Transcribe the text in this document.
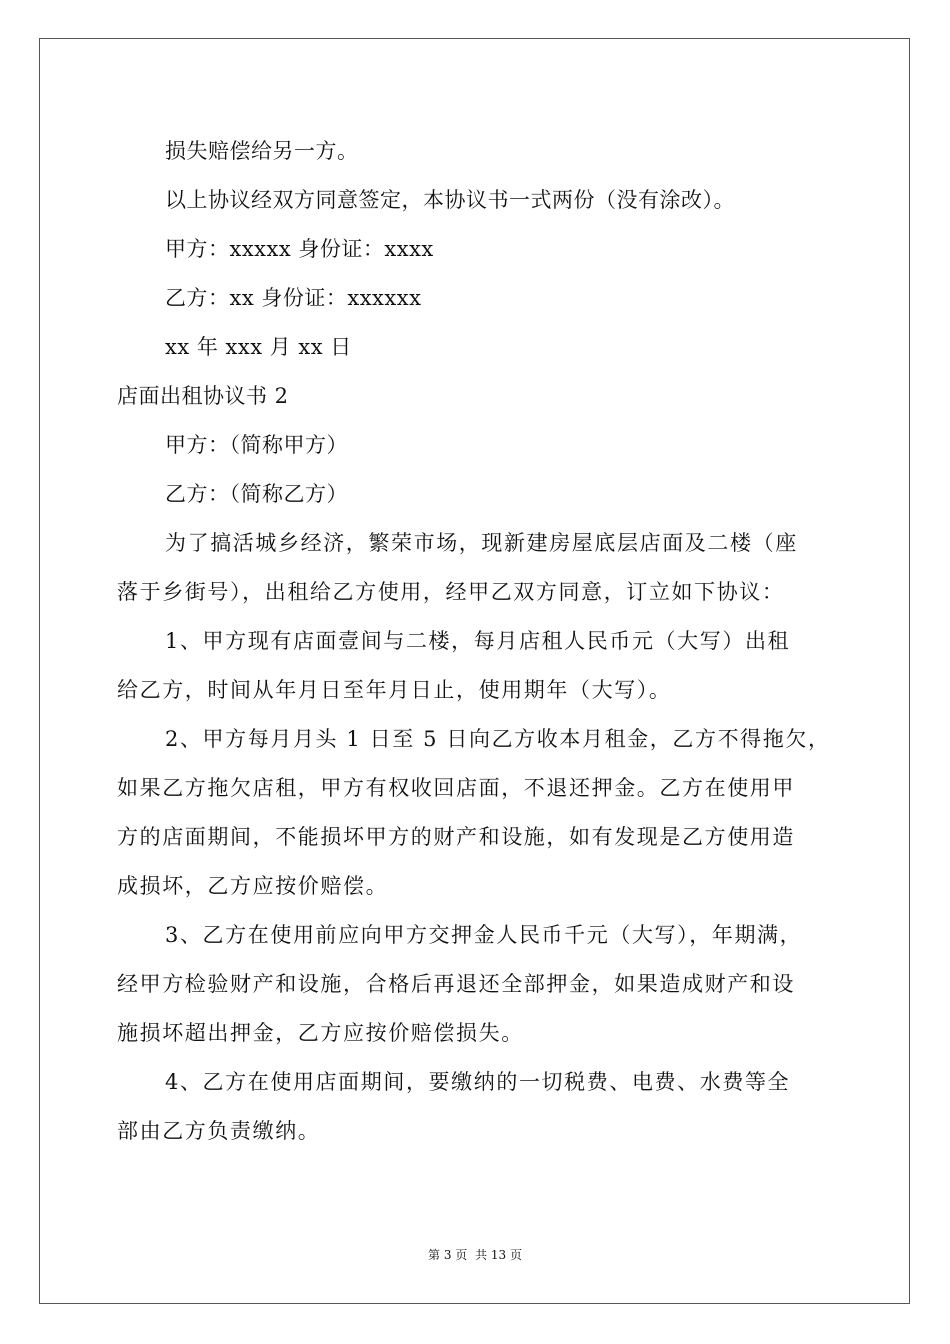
损失赔偿给另一方。
以上协议经双方同意签定，本协议书一式两份（没有涂改）。
甲方：xxxxx 身份证：xxxx
乙方：xx 身份证：xxxxxx
xx 年 xxx 月 xx 日
店面出租协议书 2
甲方：（简称甲方）
乙方：（简称乙方）
为了搞活城乡经济，繁荣市场，现新建房屋底层店面及二楼（座
落于乡街号），出租给乙方使用，经甲乙双方同意，订立如下协议：
1、甲方现有店面壹间与二楼，每月店租人民币元（大写）出租
给乙方，时间从年月日至年月日止，使用期年（大写）。
2、甲方每月月头 1 日至 5 日向乙方收本月租金，乙方不得拖欠，
如果乙方拖欠店租，甲方有权收回店面，不退还押金。乙方在使用甲
方的店面期间，不能损坏甲方的财产和设施，如有发现是乙方使用造
成损坏，乙方应按价赔偿。
3、乙方在使用前应向甲方交押金人民币千元（大写），年期满，
经甲方检验财产和设施，合格后再退还全部押金，如果造成财产和设
施损坏超出押金，乙方应按价赔偿损失。
4、乙方在使用店面期间，要缴纳的一切税费、电费、水费等全
部由乙方负责缴纳。
第 3 页 共 13 页
